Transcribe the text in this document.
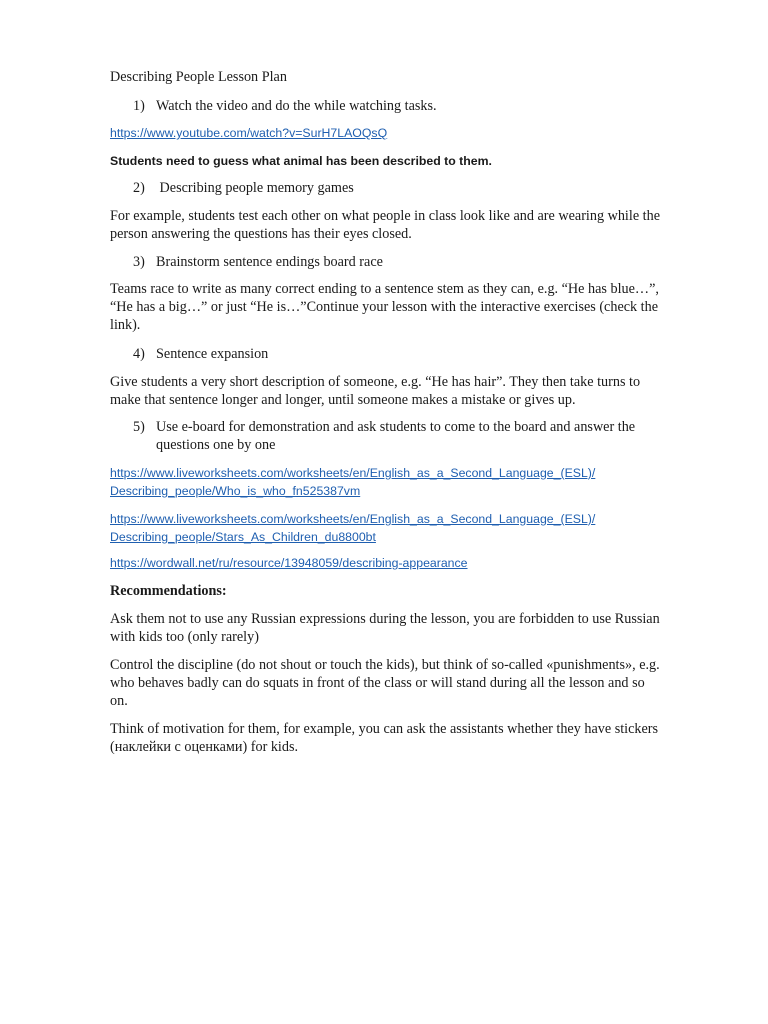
Describing People Lesson Plan

1) Watch the video and do the while watching tasks.

https://www.youtube.com/watch?v=SurH7LAOQsQ

Students need to guess what animal has been described to them.

2) Describing people memory games

For example, students test each other on what people in class look like and are wearing while the
person answering the questions has their eyes closed.

3) Brainstorm sentence endings board race

Teams race to write as many correct ending to a sentence stem as they can, e.g. “He has blue…”,
“He has a big…” or just “He is…”Continue your lesson with the interactive exercises (check the
link).

4) Sentence expansion

Give students a very short description of someone, e.g. “He has hair”. They then take turns to
make that sentence longer and longer, until someone makes a mistake or gives up.

5) Use e-board for demonstration and ask students to come to the board and answer the
questions one by one

https://www.liveworksheets.com/worksheets/en/English_as_a_Second_Language_(ESL)/
Describing_people/Who_is_who_fn525387vm

https://www.liveworksheets.com/worksheets/en/English_as_a_Second_Language_(ESL)/
Describing_people/Stars_As_Children_du8800bt

https://wordwall.net/ru/resource/13948059/describing-appearance

Recommendations:

Ask them not to use any Russian expressions during the lesson, you are forbidden to use Russian
with kids too (only rarely)

Control the discipline (do not shout or touch the kids), but think of so-called «punishments», e.g.
who behaves badly can do squats in front of the class or will stand during all the lesson and so
on.

Think of motivation for them, for example, you can ask the assistants whether they have stickers
(наклейки с оценками) for kids.
